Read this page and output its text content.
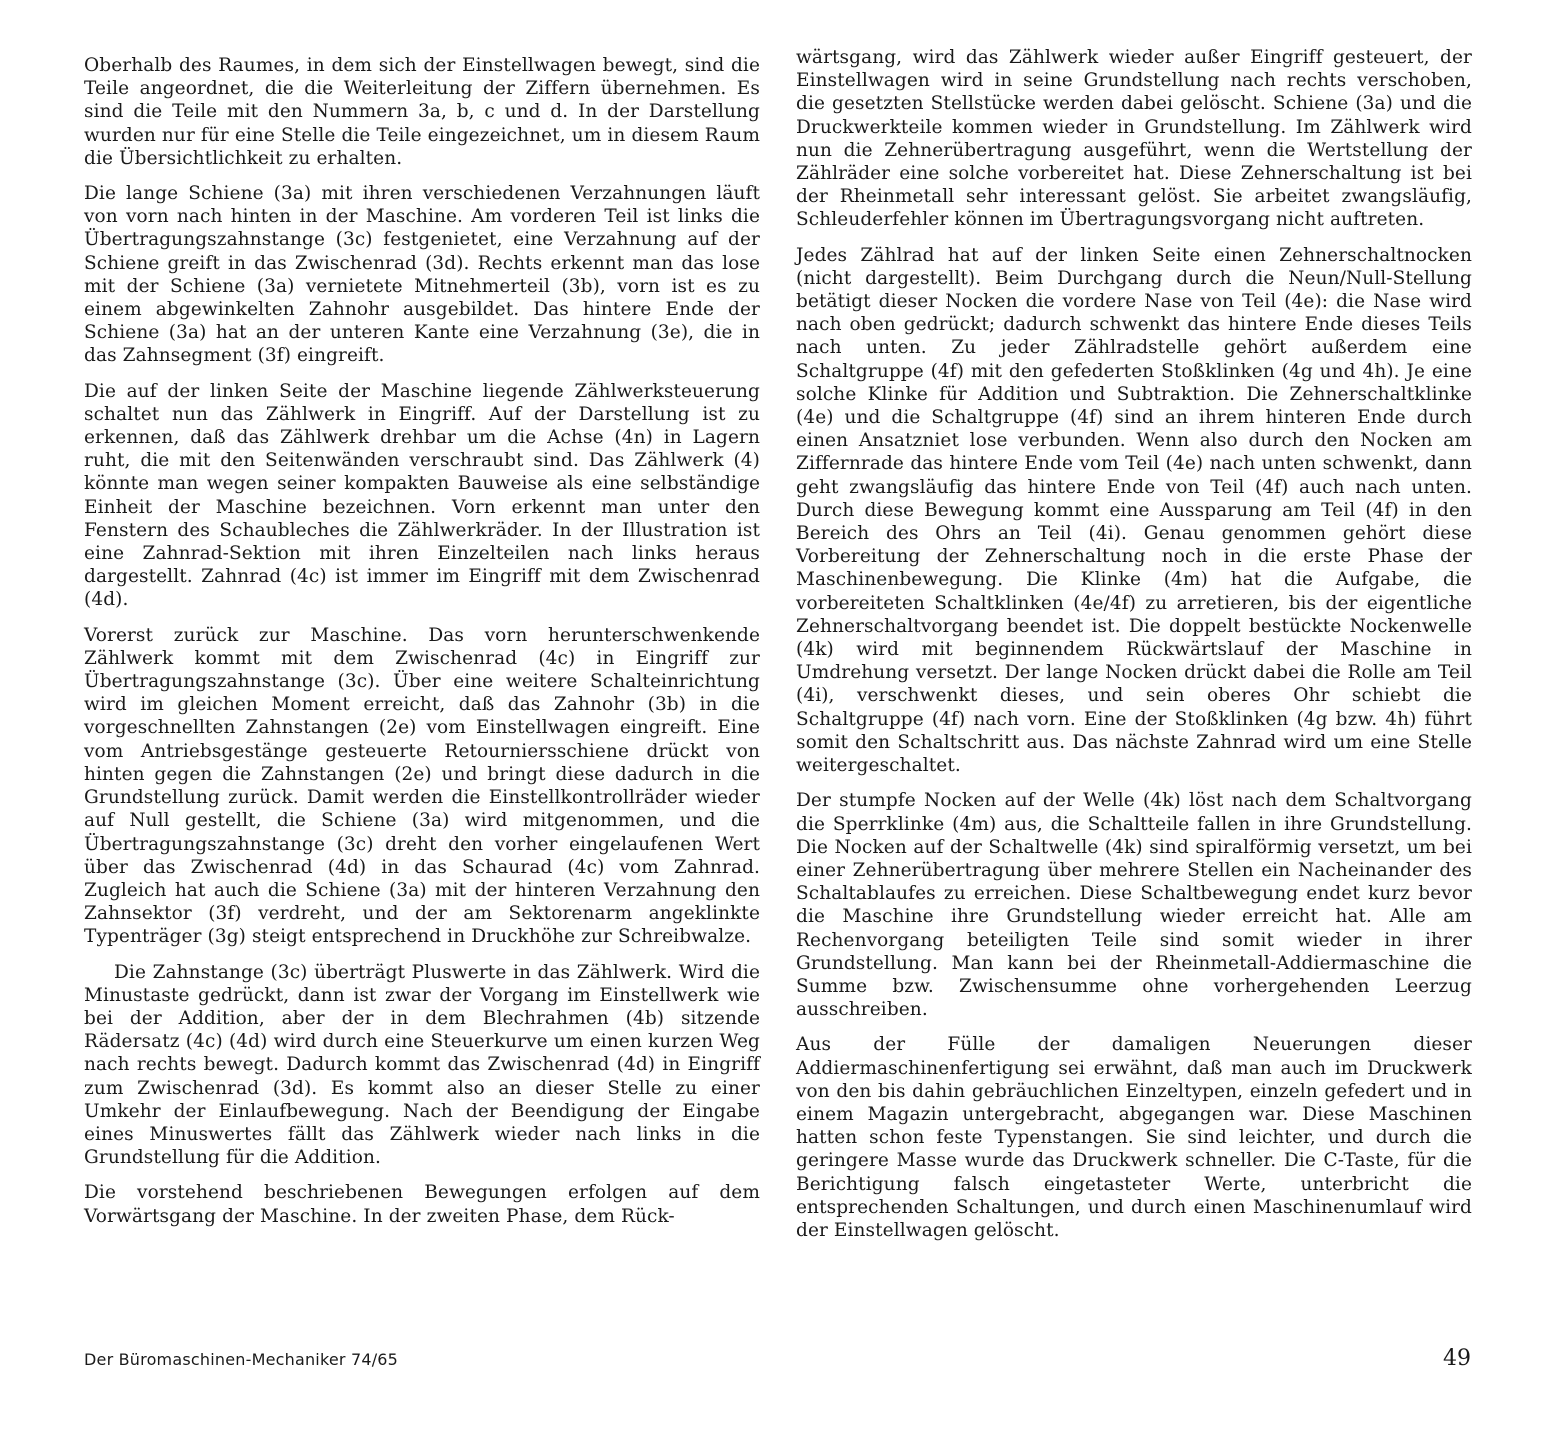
Oberhalb des Raumes, in dem sich der Einstellwagen bewegt, sind die Teile angeordnet, die die Weiterleitung der Ziffern übernehmen. Es sind die Teile mit den Nummern 3a, b, c und d. In der Darstellung wurden nur für eine Stelle die Teile eingezeichnet, um in diesem Raum die Übersichtlichkeit zu erhalten.

Die lange Schiene (3a) mit ihren verschiedenen Verzahnungen läuft von vorn nach hinten in der Maschine. Am vorderen Teil ist links die Übertragungszahnstange (3c) festgenietet, eine Verzahnung auf der Schiene greift in das Zwischenrad (3d). Rechts erkennt man das lose mit der Schiene (3a) vernietete Mitnehmerteil (3b), vorn ist es zu einem abgewinkelten Zahnohr ausgebildet. Das hintere Ende der Schiene (3a) hat an der unteren Kante eine Verzahnung (3e), die in das Zahnsegment (3f) eingreift.

Die auf der linken Seite der Maschine liegende Zählwerksteuerung schaltet nun das Zählwerk in Eingriff. Auf der Darstellung ist zu erkennen, daß das Zählwerk drehbar um die Achse (4n) in Lagern ruht, die mit den Seitenwänden verschraubt sind. Das Zählwerk (4) könnte man wegen seiner kompakten Bauweise als eine selbständige Einheit der Maschine bezeichnen. Vorn erkennt man unter den Fenstern des Schaubleches die Zählwerkräder. In der Illustration ist eine Zahnrad-Sektion mit ihren Einzelteilen nach links heraus dargestellt. Zahnrad (4c) ist immer im Eingriff mit dem Zwischenrad (4d).

Vorerst zurück zur Maschine. Das vorn herunterschwenkende Zählwerk kommt mit dem Zwischenrad (4c) in Eingriff zur Übertragungszahnstange (3c). Über eine weitere Schalteinrichtung wird im gleichen Moment erreicht, daß das Zahnohr (3b) in die vorgeschnellten Zahnstangen (2e) vom Einstellwagen eingreift. Eine vom Antriebsgestänge gesteuerte Retourniersschiene drückt von hinten gegen die Zahnstangen (2e) und bringt diese dadurch in die Grundstellung zurück. Damit werden die Einstellkontrollräder wieder auf Null gestellt, die Schiene (3a) wird mitgenommen, und die Übertragungszahnstange (3c) dreht den vorher eingelaufenen Wert über das Zwischenrad (4d) in das Schaurad (4c) vom Zahnrad. Zugleich hat auch die Schiene (3a) mit der hinteren Verzahnung den Zahnsektor (3f) verdreht, und der am Sektorenarm angeklinkte Typenträger (3g) steigt entsprechend in Druckhöhe zur Schreibwalze.

Die Zahnstange (3c) überträgt Pluswerte in das Zählwerk. Wird die Minustaste gedrückt, dann ist zwar der Vorgang im Einstellwerk wie bei der Addition, aber der in dem Blechrahmen (4b) sitzende Rädersatz (4c) (4d) wird durch eine Steuerkurve um einen kurzen Weg nach rechts bewegt. Dadurch kommt das Zwischenrad (4d) in Eingriff zum Zwischenrad (3d). Es kommt also an dieser Stelle zu einer Umkehr der Einlaufbewegung. Nach der Beendigung der Eingabe eines Minuswertes fällt das Zählwerk wieder nach links in die Grundstellung für die Addition.

Die vorstehend beschriebenen Bewegungen erfolgen auf dem Vorwärtsgang der Maschine. In der zweiten Phase, dem Rück-

wärtsgang, wird das Zählwerk wieder außer Eingriff gesteuert, der Einstellwagen wird in seine Grundstellung nach rechts verschoben, die gesetzten Stellstücke werden dabei gelöscht. Schiene (3a) und die Druckwerkteile kommen wieder in Grundstellung. Im Zählwerk wird nun die Zehnerübertragung ausgeführt, wenn die Wertstellung der Zählräder eine solche vorbereitet hat. Diese Zehnerschaltung ist bei der Rheinmetall sehr interessant gelöst. Sie arbeitet zwangsläufig, Schleuderfehler können im Übertragungsvorgang nicht auftreten.

Jedes Zählrad hat auf der linken Seite einen Zehnerschaltnocken (nicht dargestellt). Beim Durchgang durch die Neun/Null-Stellung betätigt dieser Nocken die vordere Nase von Teil (4e): die Nase wird nach oben gedrückt; dadurch schwenkt das hintere Ende dieses Teils nach unten. Zu jeder Zählradstelle gehört außerdem eine Schaltgruppe (4f) mit den gefederten Stoßklinken (4g und 4h). Je eine solche Klinke für Addition und Subtraktion. Die Zehnerschaltklinke (4e) und die Schaltgruppe (4f) sind an ihrem hinteren Ende durch einen Ansatzniet lose verbunden. Wenn also durch den Nocken am Ziffernrade das hintere Ende vom Teil (4e) nach unten schwenkt, dann geht zwangsläufig das hintere Ende von Teil (4f) auch nach unten. Durch diese Bewegung kommt eine Aussparung am Teil (4f) in den Bereich des Ohrs an Teil (4i). Genau genommen gehört diese Vorbereitung der Zehnerschaltung noch in die erste Phase der Maschinenbewegung. Die Klinke (4m) hat die Aufgabe, die vorbereiteten Schaltklinken (4e/4f) zu arretieren, bis der eigentliche Zehnerschaltvorgang beendet ist. Die doppelt bestückte Nockenwelle (4k) wird mit beginnendem Rückwärtslauf der Maschine in Umdrehung versetzt. Der lange Nocken drückt dabei die Rolle am Teil (4i), verschwenkt dieses, und sein oberes Ohr schiebt die Schaltgruppe (4f) nach vorn. Eine der Stoßklinken (4g bzw. 4h) führt somit den Schaltschritt aus. Das nächste Zahnrad wird um eine Stelle weitergeschaltet.

Der stumpfe Nocken auf der Welle (4k) löst nach dem Schaltvorgang die Sperrklinke (4m) aus, die Schaltteile fallen in ihre Grundstellung. Die Nocken auf der Schaltwelle (4k) sind spiralförmig versetzt, um bei einer Zehnerübertragung über mehrere Stellen ein Nacheinander des Schaltablaufes zu erreichen. Diese Schaltbewegung endet kurz bevor die Maschine ihre Grundstellung wieder erreicht hat. Alle am Rechenvorgang beteiligten Teile sind somit wieder in ihrer Grundstellung. Man kann bei der Rheinmetall-Addiermaschine die Summe bzw. Zwischensumme ohne vorhergehenden Leerzug ausschreiben.

Aus der Fülle der damaligen Neuerungen dieser Addiermaschinenfertigung sei erwähnt, daß man auch im Druckwerk von den bis dahin gebräuchlichen Einzeltypen, einzeln gefedert und in einem Magazin untergebracht, abgegangen war. Diese Maschinen hatten schon feste Typenstangen. Sie sind leichter, und durch die geringere Masse wurde das Druckwerk schneller. Die C-Taste, für die Berichtigung falsch eingetasteter Werte, unterbricht die entsprechenden Schaltungen, und durch einen Maschinenumlauf wird der Einstellwagen gelöscht.

Der Büromaschinen-Mechaniker 74/65	49
